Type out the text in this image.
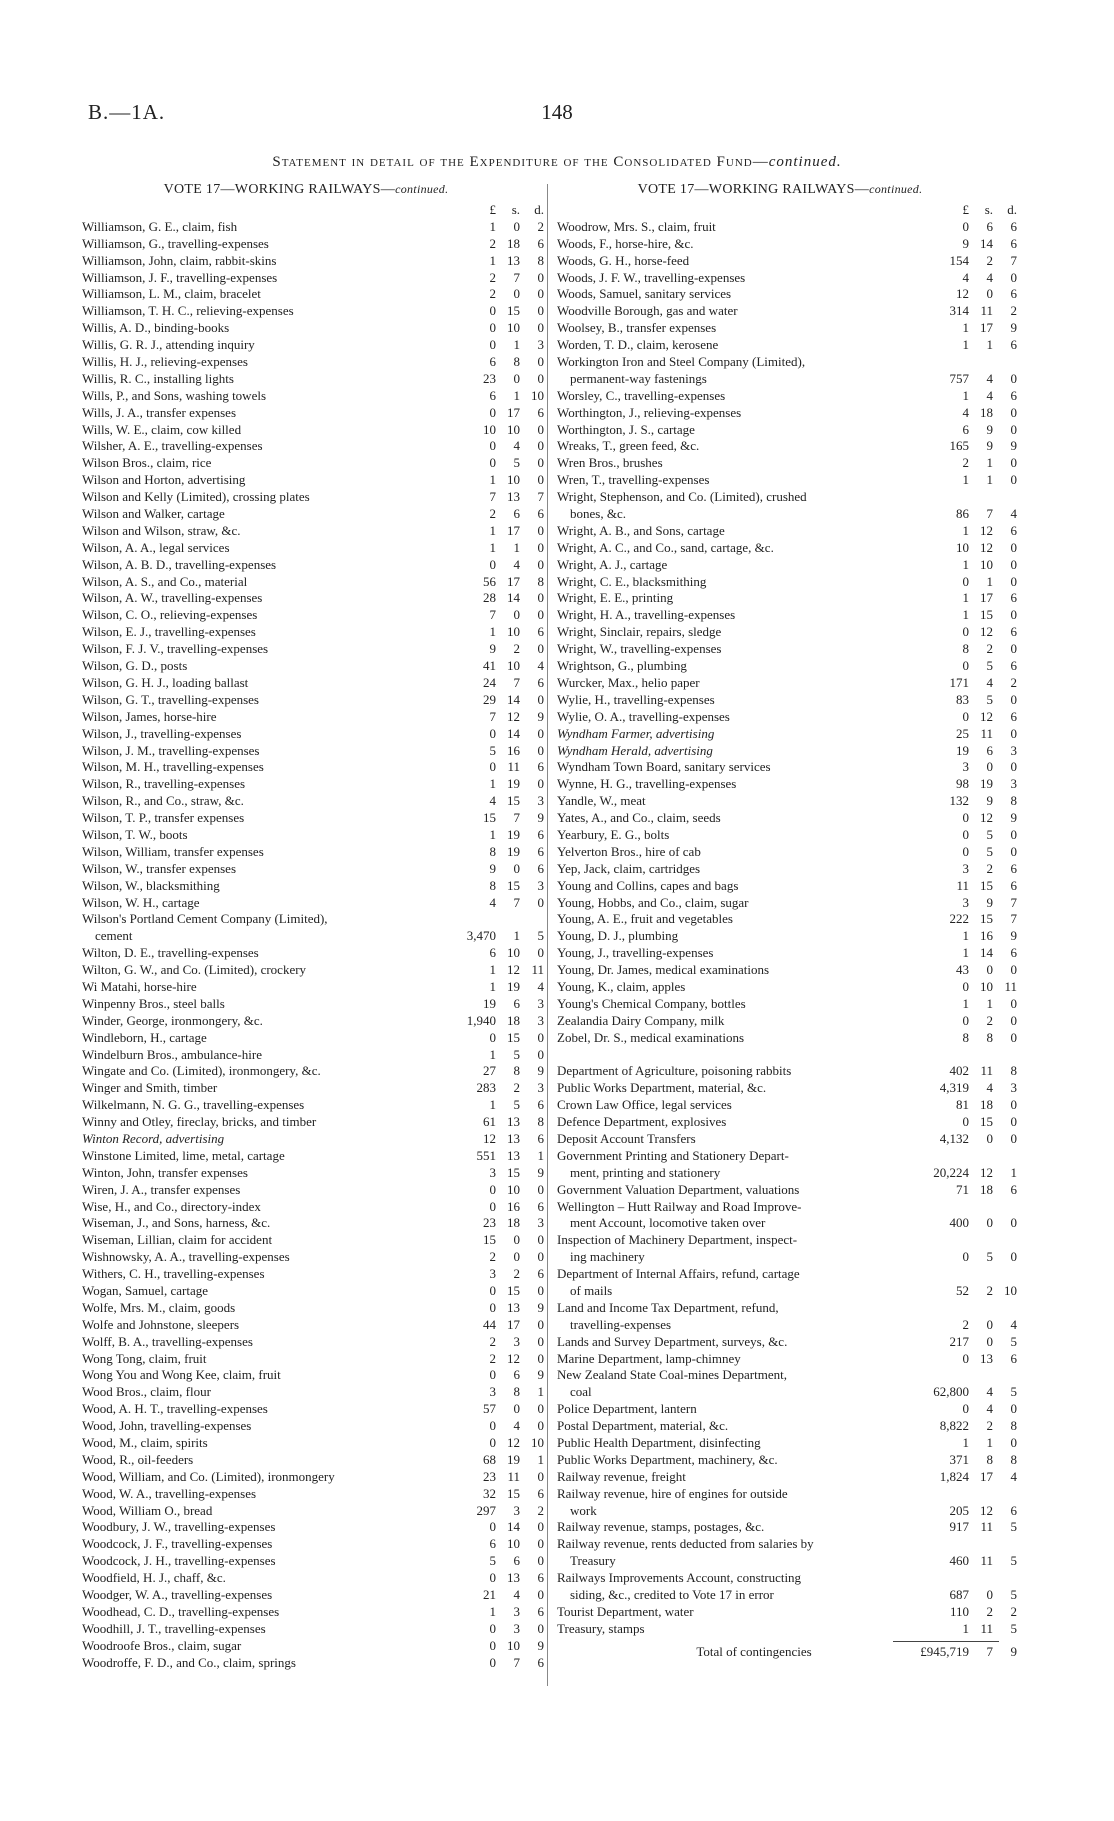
B.—1A.	148
Statement in detail of the Expenditure of the Consolidated Fund—continued.
VOTE 17—WORKING RAILWAYS—continued.	VOTE 17—WORKING RAILWAYS—continued.
£	s.	d.
Williamson, G. E., claim, fish	1	0	2
Williamson, G., travelling-expenses	2 18	6
Williamson, John, claim, rabbit-skins	1 13	8
Williamson, J. F., travelling-expenses	2	7	0
Williamson, L. M., claim, bracelet	2	0	0
Williamson, T. H. C., relieving-expenses	0 15	0
Willis, A. D., binding-books	0 10	0
Willis, G. R. J., attending inquiry	0	1	3
Willis, H. J., relieving-expenses	6	8	0
Willis, R. C., installing lights	23	0	0
Wills, P., and Sons, washing towels	6	1 10
Wills, J. A., transfer expenses	0 17	6
Wills, W. E., claim, cow killed	10 10	0
Wilsher, A. E., travelling-expenses	0	4	0
Wilson Bros., claim, rice	0	5	0
Wilson and Horton, advertising	1 10	0
Wilson and Kelly (Limited), crossing plates	7 13	7
Wilson and Walker, cartage	2	6	6
Wilson and Wilson, straw, &c.	1 17	0
Wilson, A. A., legal services	1	1	0
Wilson, A. B. D., travelling-expenses	0	4	0
Wilson, A. S., and Co., material	56 17	8
Wilson, A. W., travelling-expenses	28 14	0
Wilson, C. O., relieving-expenses	7	0	0
Wilson, E. J., travelling-expenses	1 10	6
Wilson, F. J. V., travelling-expenses	9	2	0
Wilson, G. D., posts	41 10	4
Wilson, G. H. J., loading ballast	24	7	6
Wilson, G. T., travelling-expenses	29 14	0
Wilson, James, horse-hire	7 12	9
Wilson, J., travelling-expenses	0 14	0
Wilson, J. M., travelling-expenses	5 16	0
Wilson, M. H., travelling-expenses	0 11	6
Wilson, R., travelling-expenses	1 19	0
Wilson, R., and Co., straw, &c.	4 15	3
Wilson, T. P., transfer expenses	15	7	9
Wilson, T. W., boots	1 19	6
Wilson, William, transfer expenses	8 19	6
Wilson, W., transfer expenses	9	0	6
Wilson, W., blacksmithing	8 15	3
Wilson, W. H., cartage	4	7	0
Wilson's Portland Cement Company (Limited),
cement	3,470	1	5
Wilton, D. E., travelling-expenses	6 10	0
Wilton, G. W., and Co. (Limited), crockery	1 12 11
Wi Matahi, horse-hire	1 19	4
Winpenny Bros., steel balls	19	6	3
Winder, George, ironmongery, &c.	1,940 18	3
Windleborn, H., cartage	0 15	0
Windelburn Bros., ambulance-hire	1	5	0
Wingate and Co. (Limited), ironmongery, &c.	27	8	9
Winger and Smith, timber	283	2	3
Wilkelmann, N. G. G., travelling-expenses	1	5	6
Winny and Otley, fireclay, bricks, and timber	61 13	8
Winton Record, advertising	12 13	6
Winstone Limited, lime, metal, cartage	551 13	1
Winton, John, transfer expenses	3 15	9
Wiren, J. A., transfer expenses	0 10	0
Wise, H., and Co., directory-index	0 16	6
Wiseman, J., and Sons, harness, &c.	23 18	3
Wiseman, Lillian, claim for accident	15	0	0
Wishnowsky, A. A., travelling-expenses	2	0	0
Withers, C. H., travelling-expenses	3	2	6
Wogan, Samuel, cartage	0 15	0
Wolfe, Mrs. M., claim, goods	0 13	9
Wolfe and Johnstone, sleepers	44 17	0
Wolff, B. A., travelling-expenses	2	3	0
Wong Tong, claim, fruit	2 12	0
Wong You and Wong Kee, claim, fruit	0	6	9
Wood Bros., claim, flour	3	8	1
Wood, A. H. T., travelling-expenses	57	0	0
Wood, John, travelling-expenses	0	4	0
Wood, M., claim, spirits	0 12 10
Wood, R., oil-feeders	68 19	1
Wood, William, and Co. (Limited), ironmongery	23 11	0
Wood, W. A., travelling-expenses	32 15	6
Wood, William O., bread	297	3	2
Woodbury, J. W., travelling-expenses	0 14	0
Woodcock, J. F., travelling-expenses	6 10	0
Woodcock, J. H., travelling-expenses	5	6	0
Woodfield, H. J., chaff, &c.	0 13	6
Woodger, W. A., travelling-expenses	21	4	0
Woodhead, C. D., travelling-expenses	1	3	6
Woodhill, J. T., travelling-expenses	0	3	0
Woodroofe Bros., claim, sugar	0 10	9
Woodroffe, F. D., and Co., claim, springs	0	7	6
£	s.	d.
Woodrow, Mrs. S., claim, fruit	0	6	6
Woods, F., horse-hire, &c.	9 14	6
Woods, G. H., horse-feed	154	2	7
Woods, J. F. W., travelling-expenses	4	4	0
Woods, Samuel, sanitary services	12	0	6
Woodville Borough, gas and water	314 11	2
Woolsey, B., transfer expenses	1 17	9
Worden, T. D., claim, kerosene	1	1	6
Workington Iron and Steel Company (Limited),
permanent-way fastenings	757	4	0
Worsley, C., travelling-expenses	1	4	6
Worthington, J., relieving-expenses	4 18	0
Worthington, J. S., cartage	6	9	0
Wreaks, T., green feed, &c.	165	9	9
Wren Bros., brushes	2	1	0
Wren, T., travelling-expenses	1	1	0
Wright, Stephenson, and Co. (Limited), crushed
bones, &c.	86	7	4
Wright, A. B., and Sons, cartage	1 12	6
Wright, A. C., and Co., sand, cartage, &c.	10 12	0
Wright, A. J., cartage	1 10	0
Wright, C. E., blacksmithing	0	1	0
Wright, E. E., printing	1 17	6
Wright, H. A., travelling-expenses	1 15	0
Wright, Sinclair, repairs, sledge	0 12	6
Wright, W., travelling-expenses	8	2	0
Wrightson, G., plumbing	0	5	6
Wurcker, Max., helio paper	171	4	2
Wylie, H., travelling-expenses	83	5	0
Wylie, O. A., travelling-expenses	0 12	6
Wyndham Farmer, advertising	25 11	0
Wyndham Herald, advertising	19	6	3
Wyndham Town Board, sanitary services	3	0	0
Wynne, H. G., travelling-expenses	98 19	3
Yandle, W., meat	132	9	8
Yates, A., and Co., claim, seeds	0 12	9
Yearbury, E. G., bolts	0	5	0
Yelverton Bros., hire of cab	0	5	0
Yep, Jack, claim, cartridges	3	2	6
Young and Collins, capes and bags	11 15	6
Young, Hobbs, and Co., claim, sugar	3	9	7
Young, A. E., fruit and vegetables	222 15	7
Young, D. J., plumbing	1 16	9
Young, J., travelling-expenses	1 14	6
Young, Dr. James, medical examinations	43	0	0
Young, K., claim, apples	0 10 11
Young's Chemical Company, bottles	1	1	0
Zealandia Dairy Company, milk	0	2	0
Zobel, Dr. S., medical examinations	8	8	0
Department of Agriculture, poisoning rabbits	402 11	8
Public Works Department, material, &c.	4,319	4	3
Crown Law Office, legal services	81 18	0
Defence Department, explosives	0 15	0
Deposit Account Transfers	4,132	0	0
Government Printing and Stationery Depart-
ment, printing and stationery	20,224 12	1
Government Valuation Department, valuations	71 18	6
Wellington – Hutt Railway and Road Improve-
ment Account, locomotive taken over	400	0	0
Inspection of Machinery Department, inspect-
ing machinery	0	5	0
Department of Internal Affairs, refund, cartage
of mails	52	2 10
Land and Income Tax Department, refund,
travelling-expenses	2	0	4
Lands and Survey Department, surveys, &c.	217	0	5
Marine Department, lamp-chimney	0 13	6
New Zealand State Coal-mines Department,
coal	62,800	4	5
Police Department, lantern	0	4	0
Postal Department, material, &c.	8,822	2	8
Public Health Department, disinfecting	1	1	0
Public Works Department, machinery, &c.	371	8	8
Railway revenue, freight	1,824 17	4
Railway revenue, hire of engines for outside
work	205 12	6
Railway revenue, stamps, postages, &c.	917 11	5
Railway revenue, rents deducted from salaries by
Treasury	460 11	5
Railways Improvements Account, constructing
siding, &c., credited to Vote 17 in error	687	0	5
Tourist Department, water	110	2	2
Treasury, stamps	1 11	5
Total of contingencies	£945,719	7	9
